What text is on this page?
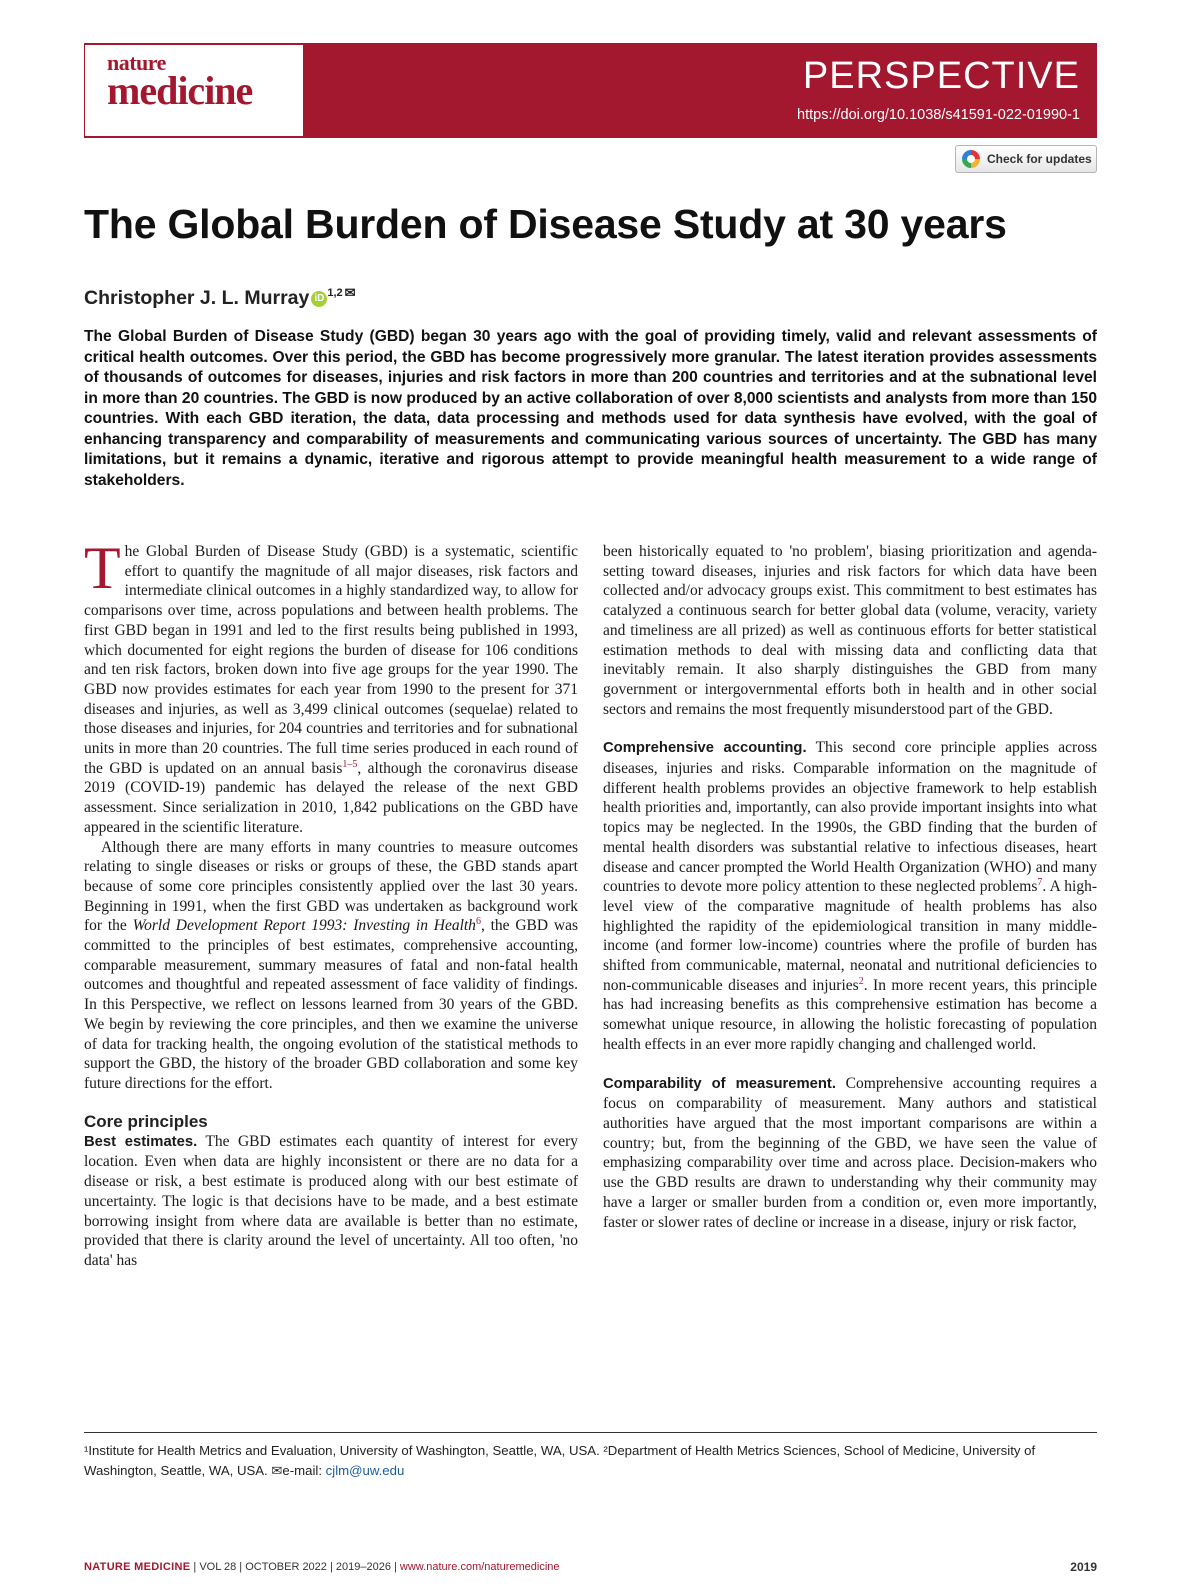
nature
medicine	PERSPECTIVE
https://doi.org/10.1038/s41591-022-01990-1
Check for updates
The Global Burden of Disease Study at 30 years
Christopher J. L. Murray iD $^{1,2}$ ✉

The Global Burden of Disease Study (GBD) began 30 years ago with the goal of providing timely, valid and relevant assessments of critical health outcomes. Over this period, the GBD has become progressively more granular. The latest iteration provides assessments of thousands of outcomes for diseases, injuries and risk factors in more than 200 countries and territories and at the subnational level in more than 20 countries. The GBD is now produced by an active collaboration of over 8,000 scientists and analysts from more than 150 countries. With each GBD iteration, the data, data processing and methods used for data synthesis have evolved, with the goal of enhancing transparency and comparability of measurements and communicating various sources of uncertainty. The GBD has many limitations, but it remains a dynamic, iterative and rigorous attempt to provide meaningful health measurement to a wide range of stakeholders.

The Global Burden of Disease Study (GBD) is a systematic, scientific effort to quantify the magnitude of all major diseases, risk factors and intermediate clinical outcomes in a highly standardized way, to allow for comparisons over time, across populations and between health problems. The first GBD began in 1991 and led to the first results being published in 1993, which documented for eight regions the burden of disease for 106 conditions and ten risk factors, broken down into five age groups for the year 1990. The GBD now provides estimates for each year from 1990 to the present for 371 diseases and injuries, as well as 3,499 clinical outcomes (sequelae) related to those diseases and injuries, for 204 countries and territories and for subnational units in more than 20 countries. The full time series produced in each round of the GBD is updated on an annual basis$^{1-5}$, although the coronavirus disease 2019 (COVID-19) pandemic has delayed the release of the next GBD assessment. Since serialization in 2010, 1,842 publications on the GBD have appeared in the scientific literature.

Although there are many efforts in many countries to measure outcomes relating to single diseases or risks or groups of these, the GBD stands apart because of some core principles consistently applied over the last 30 years. Beginning in 1991, when the first GBD was undertaken as background work for the World Development Report 1993: Investing in Health$^6$, the GBD was committed to the principles of best estimates, comprehensive accounting, comparable measurement, summary measures of fatal and non-fatal health outcomes and thoughtful and repeated assessment of face validity of findings. In this Perspective, we reflect on lessons learned from 30 years of the GBD. We begin by reviewing the core principles, and then we examine the universe of data for tracking health, the ongoing evolution of the statistical methods to support the GBD, the history of the broader GBD collaboration and some key future directions for the effort.

Core principles

Best estimates. The GBD estimates each quantity of interest for every location. Even when data are highly inconsistent or there are no data for a disease or risk, a best estimate is produced along with our best estimate of uncertainty. The logic is that decisions have to be made, and a best estimate borrowing insight from where data are available is better than no estimate, provided that there is clarity around the level of uncertainty. All too often, 'no data' has

been historically equated to 'no problem', biasing prioritization and agenda-setting toward diseases, injuries and risk factors for which data have been collected and/or advocacy groups exist. This commitment to best estimates has catalyzed a continuous search for better global data (volume, veracity, variety and timeliness are all prized) as well as continuous efforts for better statistical estimation methods to deal with missing data and conflicting data that inevitably remain. It also sharply distinguishes the GBD from many government or intergovernmental efforts both in health and in other social sectors and remains the most frequently misunderstood part of the GBD.

Comprehensive accounting. This second core principle applies across diseases, injuries and risks. Comparable information on the magnitude of different health problems provides an objective framework to help establish health priorities and, importantly, can also provide important insights into what topics may be neglected. In the 1990s, the GBD finding that the burden of mental health disorders was substantial relative to infectious diseases, heart disease and cancer prompted the World Health Organization (WHO) and many countries to devote more policy attention to these neglected problems$^7$. A high-level view of the comparative magnitude of health problems has also highlighted the rapidity of the epidemiological transition in many middle-income (and former low-income) countries where the profile of burden has shifted from communicable, maternal, neonatal and nutritional deficiencies to non-communicable diseases and injuries$^2$. In more recent years, this principle has had increasing benefits as this comprehensive estimation has become a somewhat unique resource, in allowing the holistic forecasting of population health effects in an ever more rapidly changing and challenged world.

Comparability of measurement. Comprehensive accounting requires a focus on comparability of measurement. Many authors and statistical authorities have argued that the most important comparisons are within a country; but, from the beginning of the GBD, we have seen the value of emphasizing comparability over time and across place. Decision-makers who use the GBD results are drawn to understanding why their community may have a larger or smaller burden from a condition or, even more importantly, faster or slower rates of decline or increase in a disease, injury or risk factor,

¹Institute for Health Metrics and Evaluation, University of Washington, Seattle, WA, USA. ²Department of Health Metrics Sciences, School of Medicine, University of Washington, Seattle, WA, USA. ✉e-mail: cjlm@uw.edu

NATURE MEDICINE | VOL 28 | OCTOBER 2022 | 2019–2026 | www.nature.com/naturemedicine	2019
